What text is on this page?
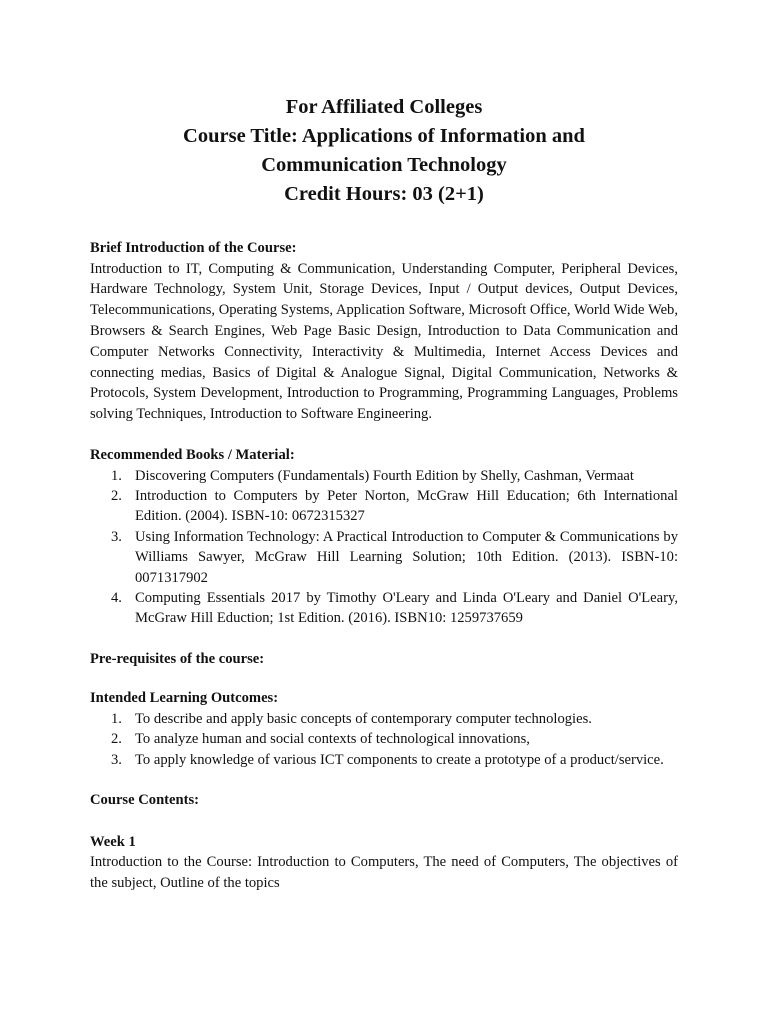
For Affiliated Colleges
Course Title: Applications of Information and
Communication Technology
Credit Hours: 03 (2+1)
Brief Introduction of the Course:
Introduction to IT, Computing & Communication, Understanding Computer, Peripheral Devices, Hardware Technology, System Unit, Storage Devices, Input / Output devices, Output Devices, Telecommunications, Operating Systems, Application Software, Microsoft Office, World Wide Web, Browsers & Search Engines, Web Page Basic Design, Introduction to Data Communication and Computer Networks Connectivity, Interactivity & Multimedia, Internet Access Devices and connecting medias, Basics of Digital & Analogue Signal, Digital Communication, Networks & Protocols, System Development, Introduction to Programming, Programming Languages, Problems solving Techniques, Introduction to Software Engineering.
Recommended Books / Material:
1. Discovering Computers (Fundamentals) Fourth Edition by Shelly, Cashman, Vermaat
2. Introduction to Computers by Peter Norton, McGraw Hill Education; 6th International Edition. (2004). ISBN-10: 0672315327
3. Using Information Technology: A Practical Introduction to Computer & Communications by Williams Sawyer, McGraw Hill Learning Solution; 10th Edition. (2013). ISBN-10: 0071317902
4. Computing Essentials 2017 by Timothy O'Leary and Linda O'Leary and Daniel O'Leary, McGraw Hill Eduction; 1st Edition. (2016). ISBN10: 1259737659
Pre-requisites of the course:
Intended Learning Outcomes:
1. To describe and apply basic concepts of contemporary computer technologies.
2. To analyze human and social contexts of technological innovations,
3. To apply knowledge of various ICT components to create a prototype of a product/service.
Course Contents:
Week 1
Introduction to the Course: Introduction to Computers, The need of Computers, The objectives of the subject, Outline of the topics
